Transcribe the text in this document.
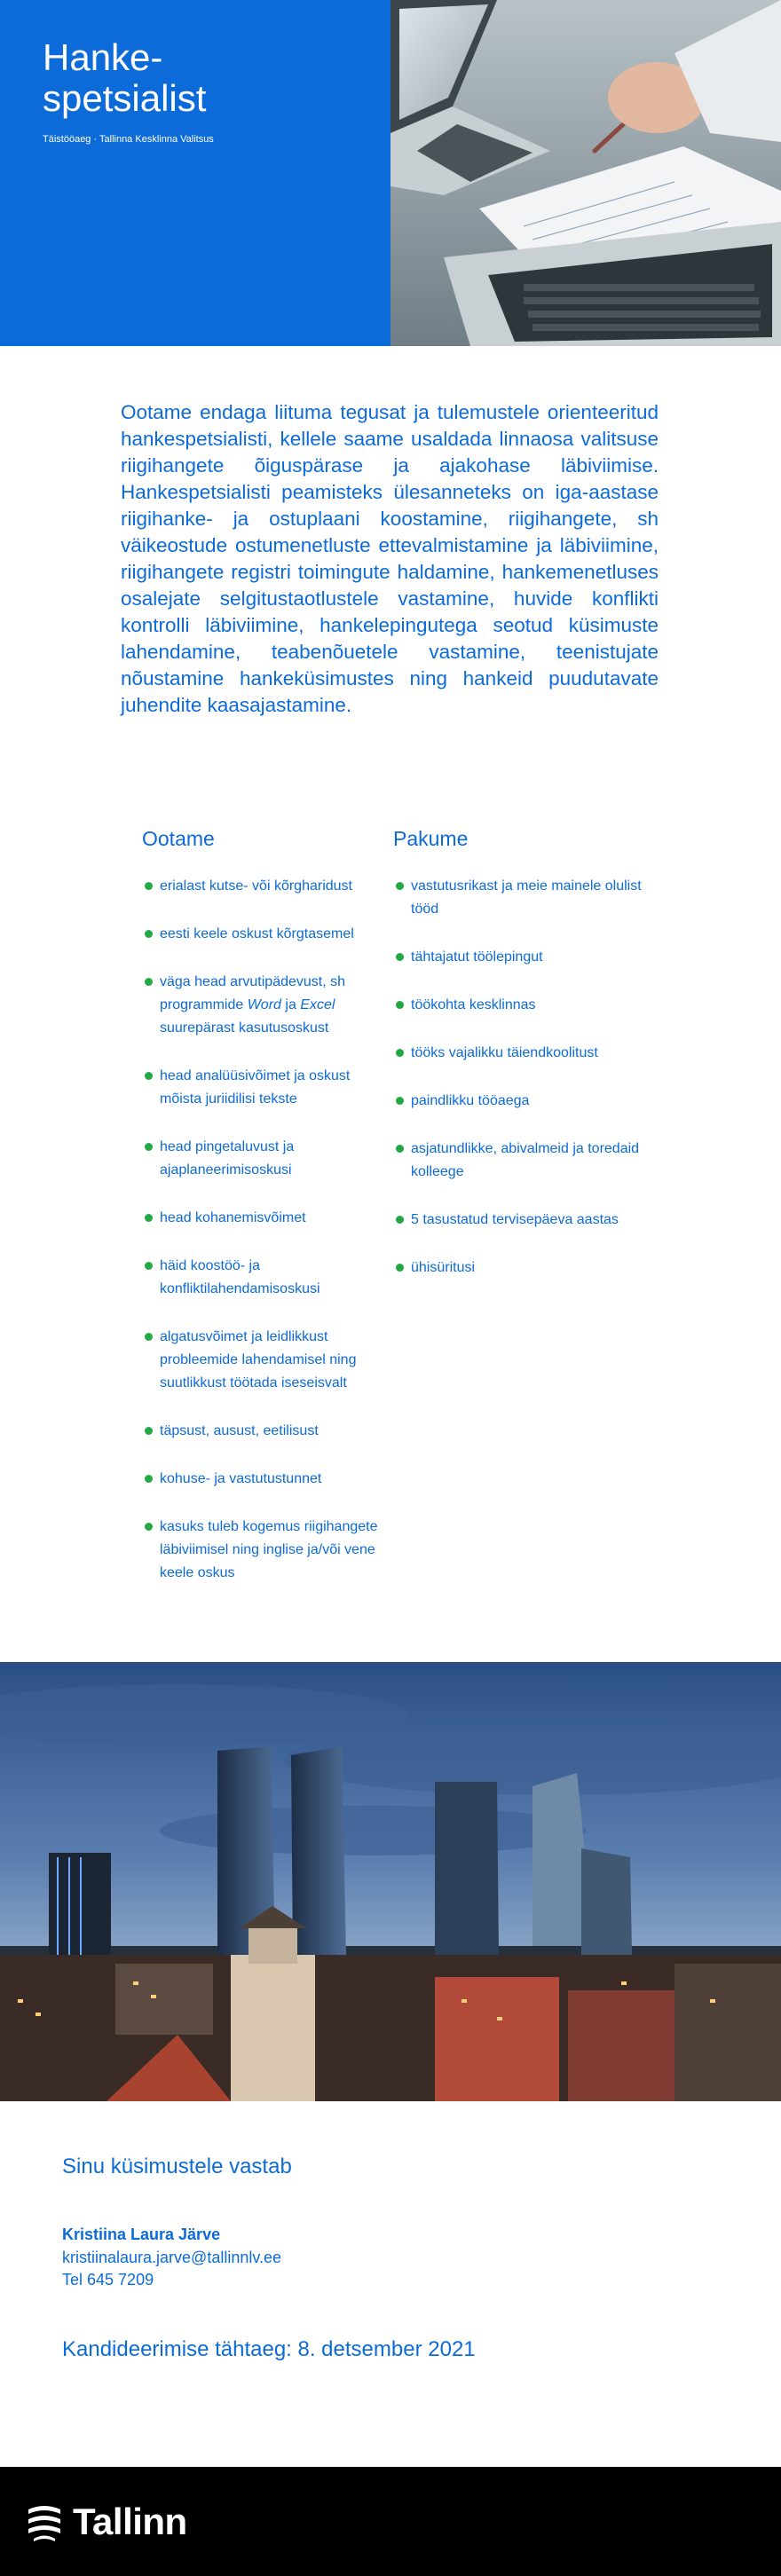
Hanke-
spetsialist
Täistööaeg · Tallinna Kesklinna Valitsus

Ootame endaga liituma tegusat ja tulemustele orienteeritud hankespetsialisti, kellele saame usaldada linnaosa valitsuse riigihangete õiguspärase ja ajakohase läbiviimise. Hankespetsialisti peamisteks ülesanneteks on iga-aastase riigihanke- ja ostuplaani koostamine, riigihangete, sh väikeostude ostumenetluste ettevalmistamine ja läbiviimine, riigihangete registri toimingute haldamine, hankemenetluses osalejate selgitustaotlustele vastamine, huvide konflikti kontrolli läbiviimine, hankelepingutega seotud küsimuste lahendamine, teabenõuetele vastamine, teenistujate nõustamine hankeküsimustes ning hankeid puudutavate juhendite kaasajastamine.

Ootame
erialast kutse- või kõrgharidust
eesti keele oskust kõrgtasemel
väga head arvutipädevust, sh programmide Word ja Excel suurepärast kasutusoskust
head analüüsivõimet ja oskust mõista juriidilisi tekste
head pingetaluvust ja ajaplaneerimisoskusi
head kohanemisvõimet
häid koostöö- ja konfliktilahendamisoskusi
algatusvõimet ja leidlikkust probleemide lahendamisel ning suutlikkust töötada iseseisvalt
täpsust, ausust, eetilisust
kohuse- ja vastutustunnet
kasuks tuleb kogemus riigihangete läbiviimisel ning inglise ja/või vene keele oskus
Pakume
vastutusrikast ja meie mainele olulist tööd
tähtajatut töölepingut
töökohta kesklinnas
tööks vajalikku täiendkoolitust
paindlikku tööaega
asjatundlikke, abivalmeid ja toredaid kolleege
5 tasustatud tervisepäeva aastas
ühisüritusi
Sinu küsimustele vastab
Kristiina Laura Järve
kristiinalaura.jarve@tallinnlv.ee
Tel 645 7209
Kandideerimise tähtaeg: 8. detsember 2021
Tallinn
